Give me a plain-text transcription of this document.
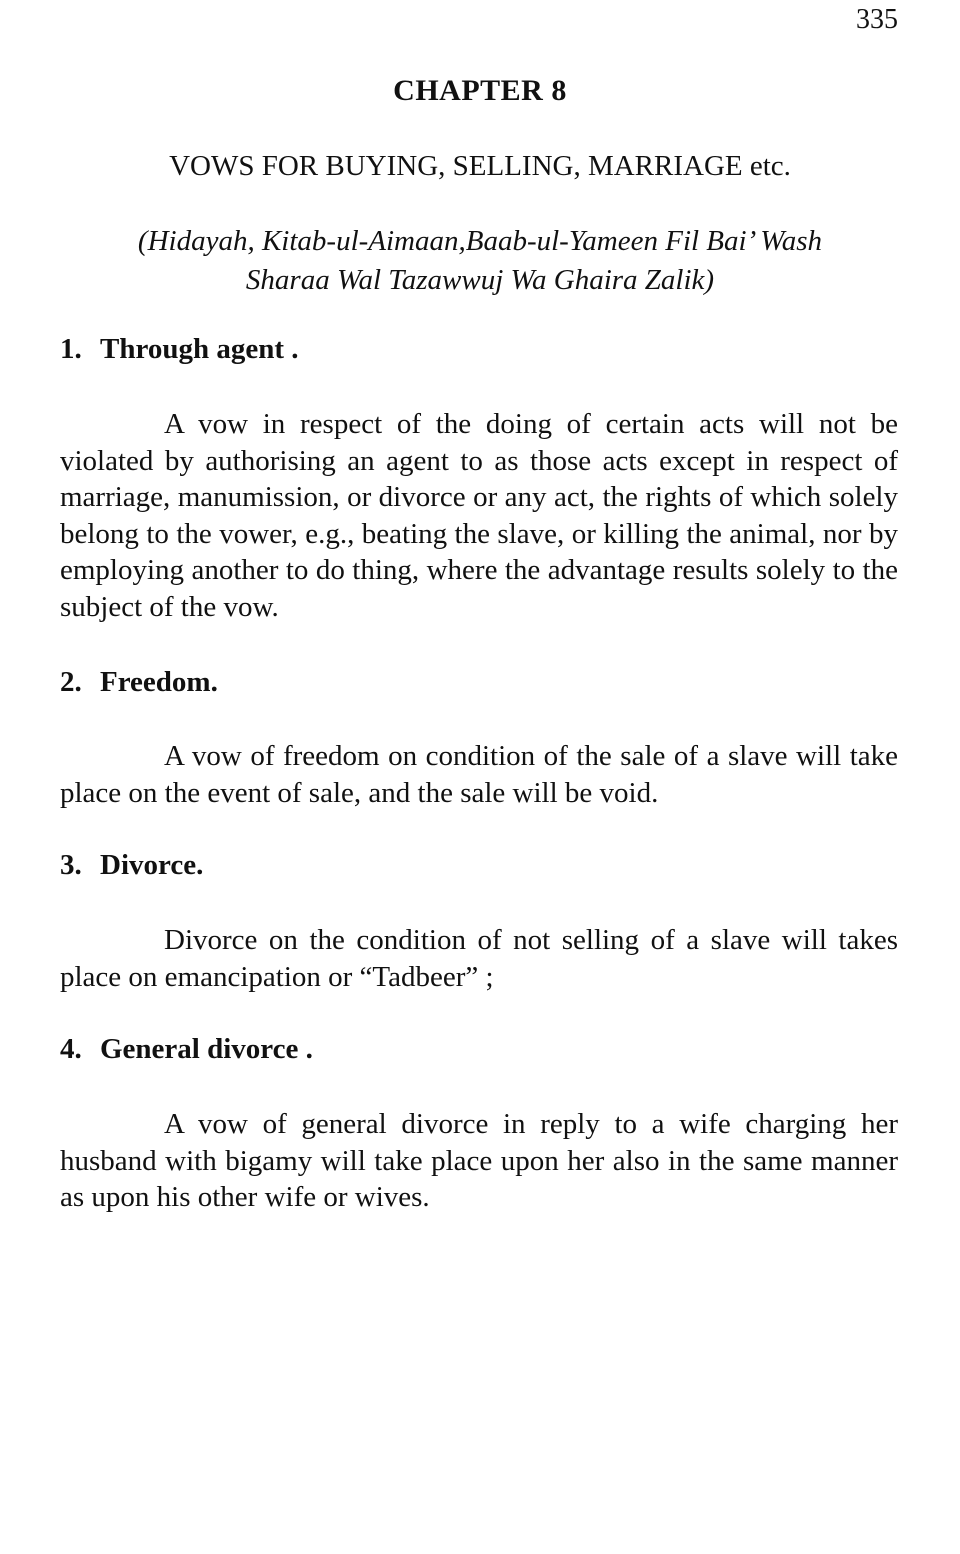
335
CHAPTER 8
VOWS FOR BUYING, SELLING, MARRIAGE etc.
(Hidayah, Kitab-ul-Aimaan,Baab-ul-Yameen Fil Bai’ Wash
Sharaa Wal Tazawwuj Wa Ghaira Zalik)
1. Through agent .
A vow in respect of the doing of certain acts will not be violated by authorising an agent to as those acts except in respect of marriage, manumission, or divorce or any act, the rights of which solely belong to the vower, e.g., beating the slave, or killing the animal, nor by employing another to do thing, where the advantage results solely to the subject of the vow.
2. Freedom.
A vow of freedom on condition of the sale of a slave will take place on the event of sale, and the sale will be void.
3. Divorce.
Divorce on the condition of not selling of a slave will takes place on emancipation or “Tadbeer” ;
4. General divorce .
A vow of general divorce in reply to a wife charging her husband with bigamy will take place upon her also in the same manner as upon his other wife or wives.
